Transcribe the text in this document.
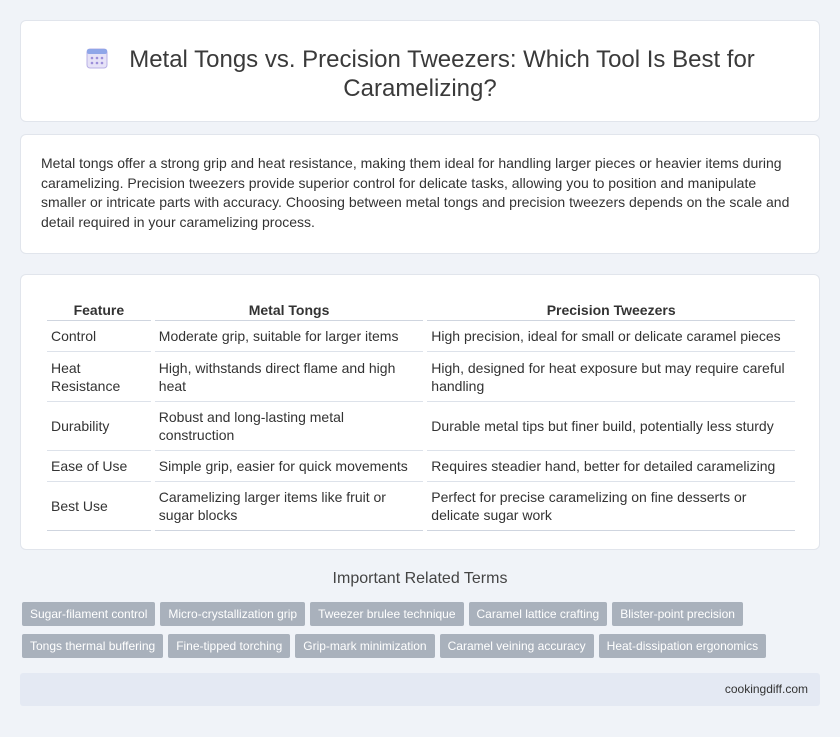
Metal Tongs vs. Precision Tweezers: Which Tool Is Best for Caramelizing?

Metal tongs offer a strong grip and heat resistance, making them ideal for handling larger pieces or heavier items during caramelizing. Precision tweezers provide superior control for delicate tasks, allowing you to position and manipulate smaller or intricate parts with accuracy. Choosing between metal tongs and precision tweezers depends on the scale and detail required in your caramelizing process.

Feature	Metal Tongs	Precision Tweezers
Control	Moderate grip, suitable for larger items	High precision, ideal for small or delicate caramel pieces
Heat Resistance	High, withstands direct flame and high heat	High, designed for heat exposure but may require careful handling
Durability	Robust and long-lasting metal construction	Durable metal tips but finer build, potentially less sturdy
Ease of Use	Simple grip, easier for quick movements	Requires steadier hand, better for detailed caramelizing
Best Use	Caramelizing larger items like fruit or sugar blocks	Perfect for precise caramelizing on fine desserts or delicate sugar work
Important Related Terms
Sugar-filament control Micro-crystallization grip Tweezer brulee technique Caramel lattice crafting Blister-point precisionTongs thermal buffering Fine-tipped torching Grip-mark minimization Caramel veining accuracy Heat-dissipation ergonomics
cookingdiff.com
